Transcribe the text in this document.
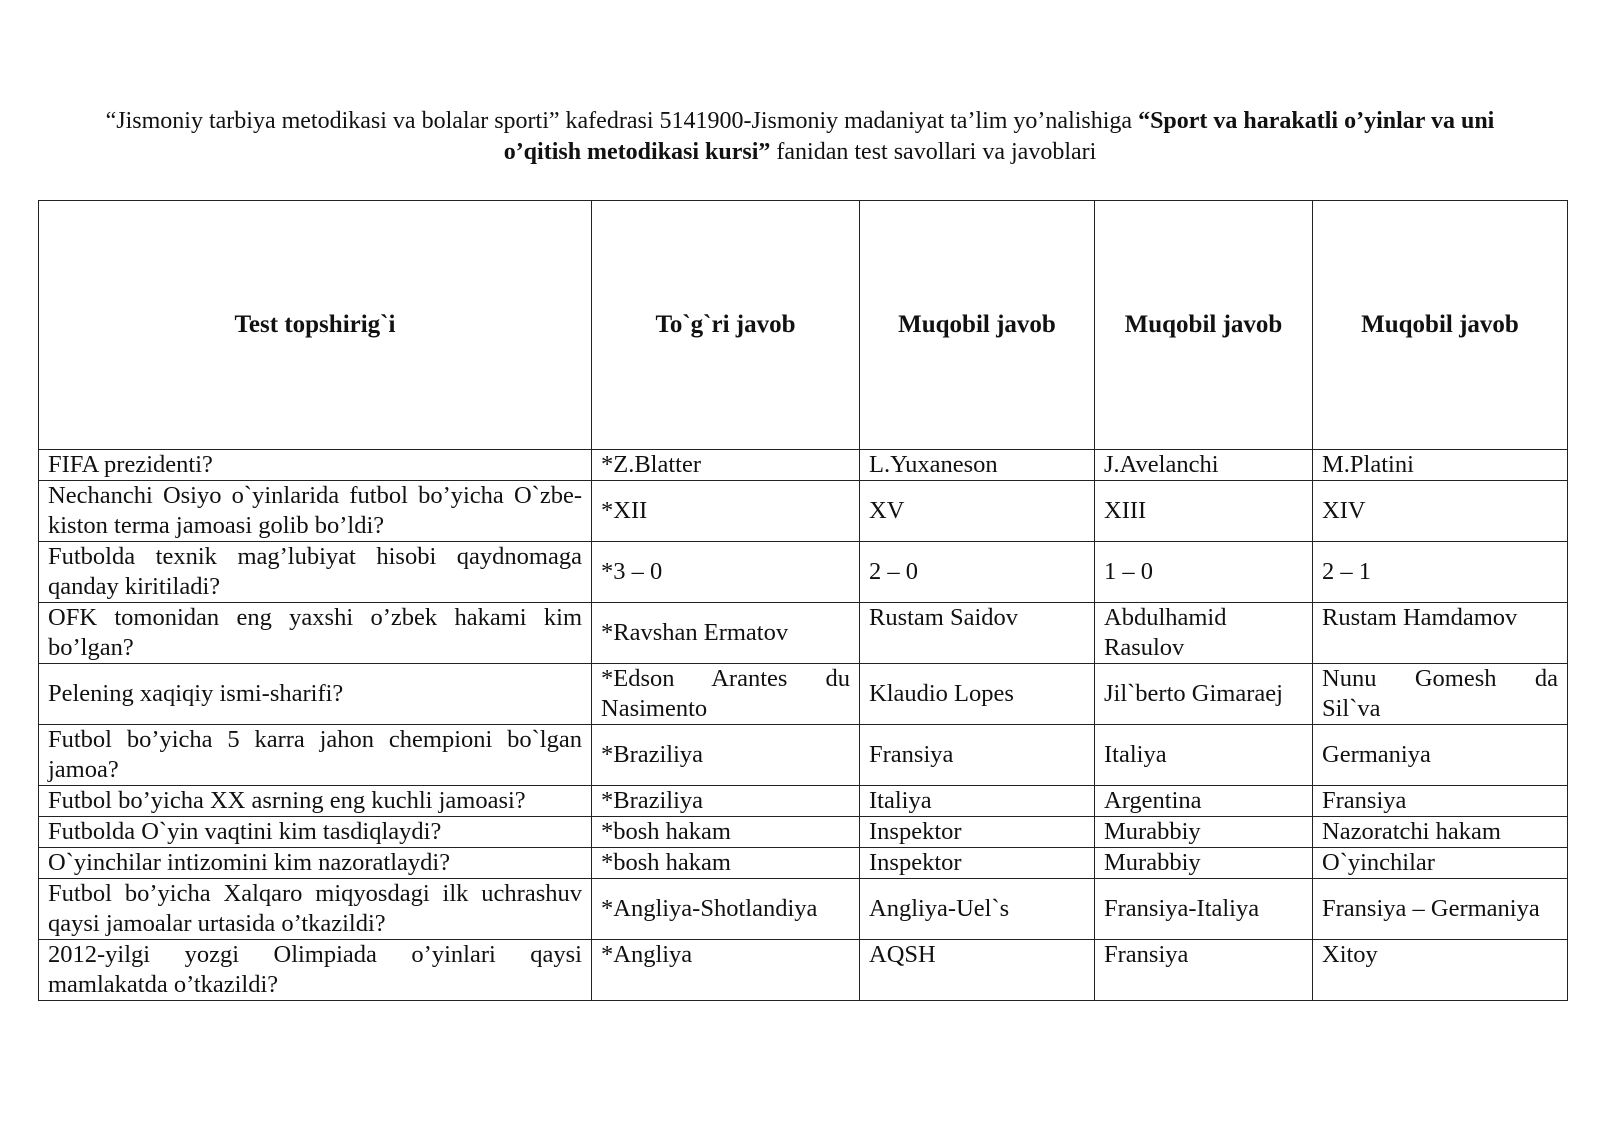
“Jismoniy tarbiya metodikasi va bolalar sporti” kafedrasi 5141900-Jismoniy madaniyat ta’lim yo’nalishiga “Sport va harakatli o’yinlar va uni o’qitish metodikasi kursi” fanidan test savollari va javoblari
Test topshirig`i	To`g`ri javob	Muqobil javob	Muqobil javob	Muqobil javob
FIFA prezidenti?	*Z.Blatter	L.Yuxaneson	J.Avelanchi	M.Platini
Nechanchi Osiyo o`yinlarida futbol bo’yicha O`zbe-kiston terma jamoasi golib bo’ldi?	*XII	XV	XIII	XIV
Futbolda texnik mag’lubiyat hisobi qaydnomaga qanday kiritiladi?	*3 – 0	2 – 0	1 – 0	2 – 1
OFK tomonidan eng yaxshi o’zbek hakami kim bo’lgan?	*Ravshan Ermatov	Rustam Saidov	Abdulhamid Rasulov	Rustam Hamdamov
Pelening xaqiqiy ismi-sharifi?	*Edson Arantes du Nasimento	Klaudio Lopes	Jil`berto Gimaraej	Nunu Gomesh da Sil`va
Futbol bo’yicha 5 karra jahon chempioni bo`lgan jamoa?	*Braziliya	Fransiya	Italiya	Germaniya
Futbol bo’yicha XX asrning eng kuchli jamoasi?	*Braziliya	Italiya	Argentina	Fransiya
Futbolda O`yin vaqtini kim tasdiqlaydi?	*bosh hakam	Inspektor	Murabbiy	Nazoratchi hakam
O`yinchilar intizomini kim nazoratlaydi?	*bosh hakam	Inspektor	Murabbiy	O`yinchilar
Futbol bo’yicha Xalqaro miqyosdagi ilk uchrashuv qaysi jamoalar urtasida o’tkazildi?	*Angliya-Shotlandiya	Angliya-Uel`s	Fransiya-Italiya	Fransiya – Germaniya
2012-yilgi yozgi Olimpiada o’yinlari qaysi mamlakatda o’tkazildi?	*Angliya	AQSH	Fransiya	Xitoy
